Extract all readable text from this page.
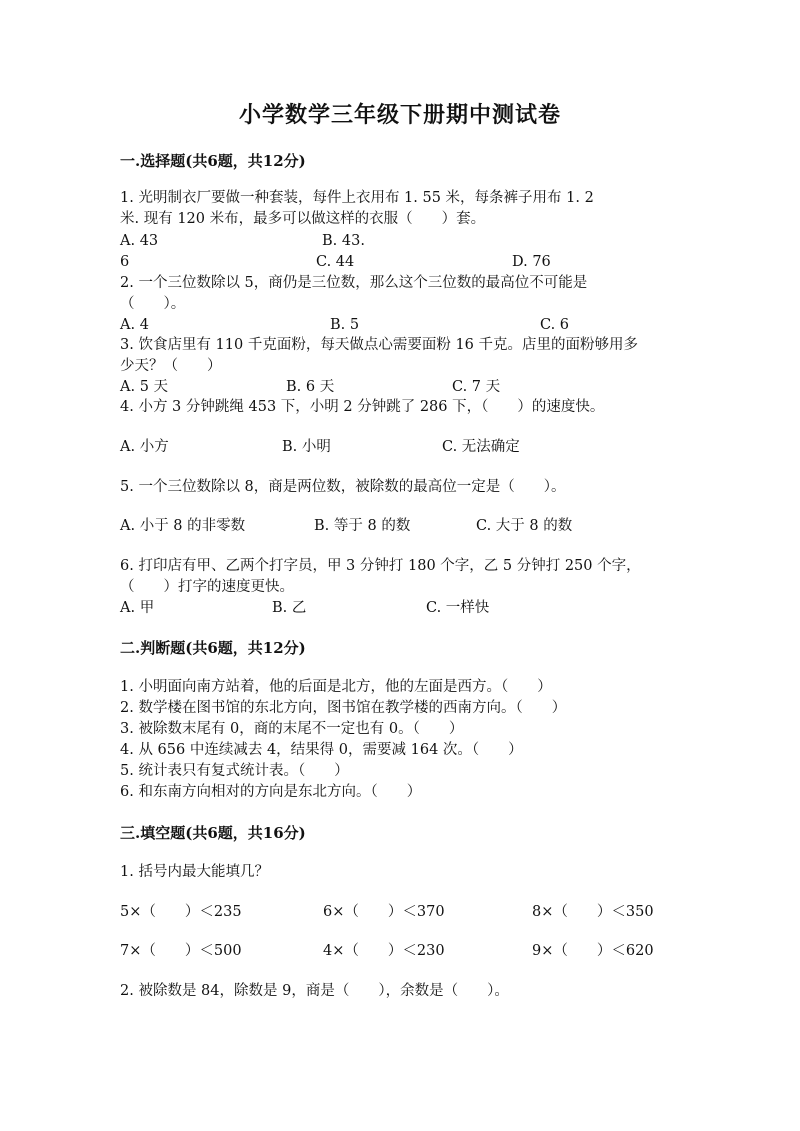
小学数学三年级下册期中测试卷
一.选择题(共6题，共12分)
1. 光明制衣厂要做一种套装，每件上衣用布 1. 55 米，每条裤子用布 1. 2
米. 现有 120 米布，最多可以做这样的衣服（　　）套。
A. 43	B. 43.
6	C. 44	D. 76
2. 一个三位数除以 5，商仍是三位数，那么这个三位数的最高位不可能是
（　　）。
A. 4	B. 5	C. 6
3. 饮食店里有 110 千克面粉，每天做点心需要面粉 16 千克。店里的面粉够用多
少天？（　　）
A. 5 天	B. 6 天	C. 7 天
4. 小方 3 分钟跳绳 453 下，小明 2 分钟跳了 286 下，（　　）的速度快。
A. 小方	B. 小明	C. 无法确定
5. 一个三位数除以 8，商是两位数，被除数的最高位一定是（　　）。
A. 小于 8 的非零数	B. 等于 8 的数	C. 大于 8 的数
6. 打印店有甲、乙两个打字员，甲 3 分钟打 180 个字，乙 5 分钟打 250 个字，
（　　）打字的速度更快。
A. 甲	B. 乙	C. 一样快
二.判断题(共6题，共12分)
1. 小明面向南方站着，他的后面是北方，他的左面是西方。（　　）
2. 数学楼在图书馆的东北方向，图书馆在教学楼的西南方向。（　　）
3. 被除数末尾有 0，商的末尾不一定也有 0。（　　）
4. 从 656 中连续减去 4，结果得 0，需要减 164 次。（　　）
5. 统计表只有复式统计表。（　　）
6. 和东南方向相对的方向是东北方向。（　　）
三.填空题(共6题，共16分)
1. 括号内最大能填几？
5×（　　）＜235	6×（　　）＜370	8×（　　）＜350
7×（　　）＜500	4×（　　）＜230	9×（　　）＜620
2. 被除数是 84，除数是 9，商是（　　），余数是（　　）。
